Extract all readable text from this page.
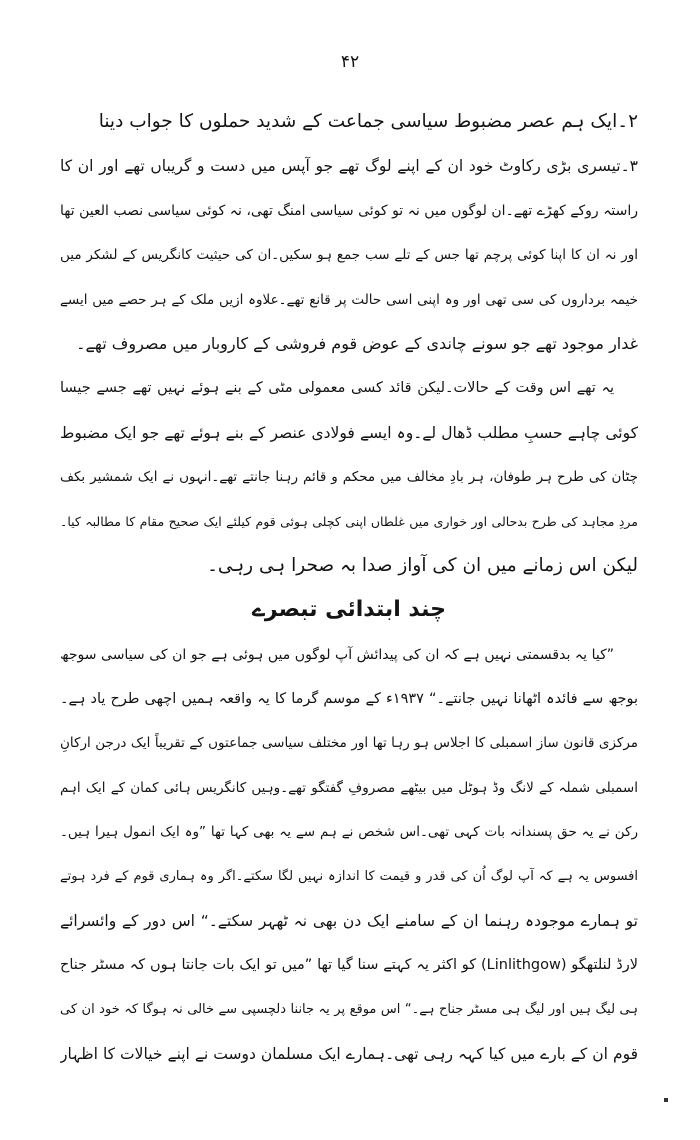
۴۲
۲۔ایک ہم عصر مضبوط سیاسی جماعت کے شدید حملوں کا جواب دینا
۳۔تیسری بڑی رکاوٹ خود ان کے اپنے لوگ تھے جو آپس میں دست و گریباں تھے اور ان کا
راستہ روکے کھڑے تھے۔ان لوگوں میں نہ تو کوئی سیاسی امنگ تھی، نہ کوئی سیاسی نصب العین تھا
اور نہ ان کا اپنا کوئی پرچم تھا جس کے تلے سب جمع ہو سکیں۔ان کی حیثیت کانگریس کے لشکر میں
خیمہ برداروں کی سی تھی اور وہ اپنی اسی حالت پر قانع تھے۔علاوہ ازیں ملک کے ہر حصے میں ایسے
غدار موجود تھے جو سونے چاندی کے عوض قوم فروشی کے کاروبار میں مصروف تھے۔
یہ تھے اس وقت کے حالات۔لیکن قائد کسی معمولی مٹی کے بنے ہوئے نہیں تھے جسے جیسا
کوئی چاہے حسبِ مطلب ڈھال لے۔وہ ایسے فولادی عنصر کے بنے ہوئے تھے جو ایک مضبوط
چٹان کی طرح ہر طوفان، ہر بادِ مخالف میں محکم و قائم رہنا جانتے تھے۔انہوں نے ایک شمشیر بکف
مردِ مجاہد کی طرح بدحالی اور خواری میں غلطاں اپنی کچلی ہوئی قوم کیلئے ایک صحیح مقام کا مطالبہ کیا۔
لیکن اس زمانے میں ان کی آواز صدا بہ صحرا ہی رہی۔
چند ابتدائی تبصرے
”کیا یہ بدقسمتی نہیں ہے کہ ان کی پیدائش آپ لوگوں میں ہوئی ہے جو ان کی سیاسی سوجھ
بوجھ سے فائدہ اٹھانا نہیں جانتے۔“ ۱۹۳۷ء کے موسم گرما کا یہ واقعہ ہمیں اچھی طرح یاد ہے۔
مرکزی قانون ساز اسمبلی کا اجلاس ہو رہا تھا اور مختلف سیاسی جماعتوں کے تقریباً ایک درجن ارکانِ
اسمبلی شملہ کے لانگ وڈ ہوٹل میں بیٹھے مصروفِ گفتگو تھے۔وہیں کانگریس ہائی کمان کے ایک اہم
رکن نے یہ حق پسندانہ بات کہی تھی۔اس شخص نے ہم سے یہ بھی کہا تھا ”وہ ایک انمول ہیرا ہیں۔
افسوس یہ ہے کہ آپ لوگ اُن کی قدر و قیمت کا اندازہ نہیں لگا سکتے۔اگر وہ ہماری قوم کے فرد ہوتے
تو ہمارے موجودہ رہنما ان کے سامنے ایک دن بھی نہ ٹھہر سکتے۔“ اس دور کے وائسرائے
لارڈ لنلتھگو (Linlithgow) کو اکثر یہ کہتے سنا گیا تھا ”میں تو ایک بات جانتا ہوں کہ مسٹر جناح
ہی لیگ ہیں اور لیگ ہی مسٹر جناح ہے۔“ اس موقع پر یہ جاننا دلچسپی سے خالی نہ ہوگا کہ خود ان کی
قوم ان کے بارے میں کیا کہہ رہی تھی۔ہمارے ایک مسلمان دوست نے اپنے خیالات کا اظہار
